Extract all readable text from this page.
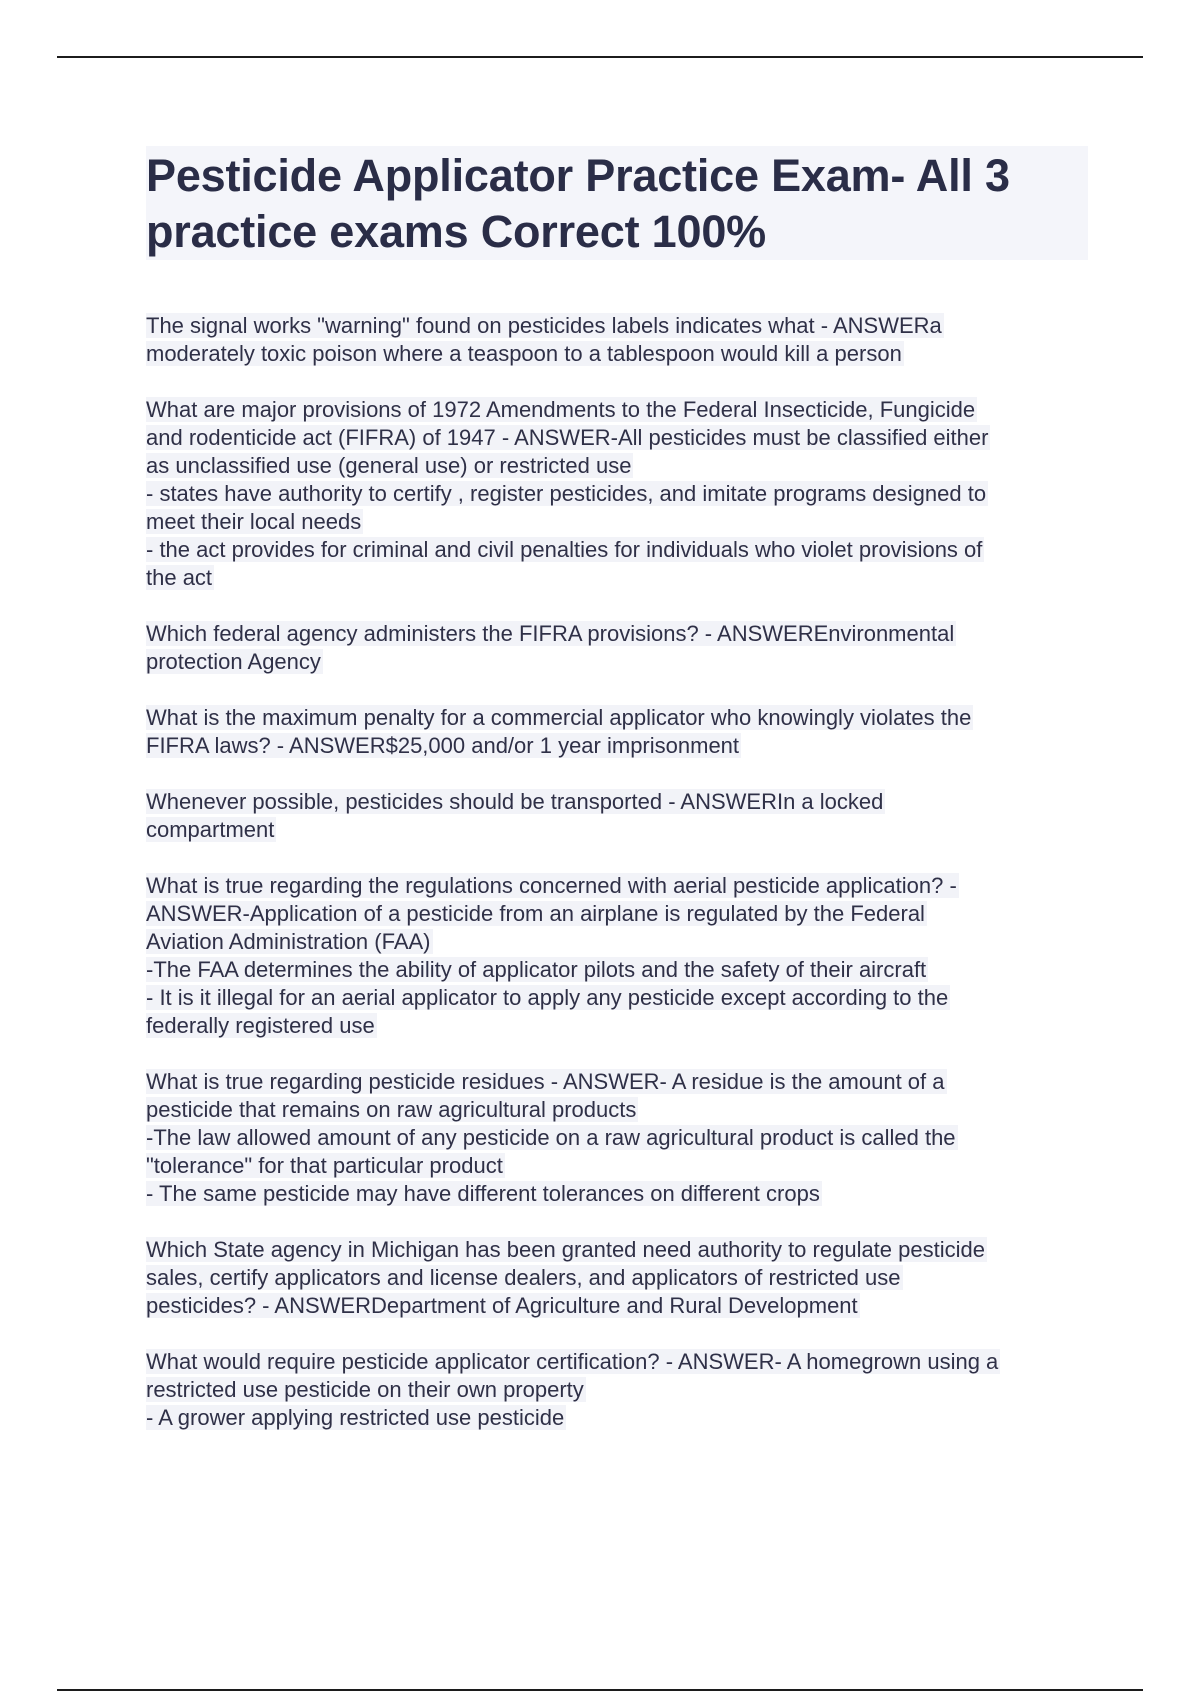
Pesticide Applicator Practice Exam- All 3
practice exams Correct 100%
The signal works "warning" found on pesticides labels indicates what - ANSWERa
moderately toxic poison where a teaspoon to a tablespoon would kill a person
What are major provisions of 1972 Amendments to the Federal Insecticide, Fungicide
and rodenticide act (FIFRA) of 1947 - ANSWER-All pesticides must be classified either
as unclassified use (general use) or restricted use
- states have authority to certify , register pesticides, and imitate programs designed to
meet their local needs
- the act provides for criminal and civil penalties for individuals who violet provisions of
the act
Which federal agency administers the FIFRA provisions? - ANSWEREnvironmental
protection Agency
What is the maximum penalty for a commercial applicator who knowingly violates the
FIFRA laws? - ANSWER$25,000 and/or 1 year imprisonment
Whenever possible, pesticides should be transported - ANSWERIn a locked
compartment
What is true regarding the regulations concerned with aerial pesticide application? -
ANSWER-Application of a pesticide from an airplane is regulated by the Federal
Aviation Administration (FAA)
-The FAA determines the ability of applicator pilots and the safety of their aircraft
- It is it illegal for an aerial applicator to apply any pesticide except according to the
federally registered use
What is true regarding pesticide residues - ANSWER- A residue is the amount of a
pesticide that remains on raw agricultural products
-The law allowed amount of any pesticide on a raw agricultural product is called the
"tolerance" for that particular product
- The same pesticide may have different tolerances on different crops
Which State agency in Michigan has been granted need authority to regulate pesticide
sales, certify applicators and license dealers, and applicators of restricted use
pesticides? - ANSWERDepartment of Agriculture and Rural Development
What would require pesticide applicator certification? - ANSWER- A homegrown using a
restricted use pesticide on their own property
- A grower applying restricted use pesticide
